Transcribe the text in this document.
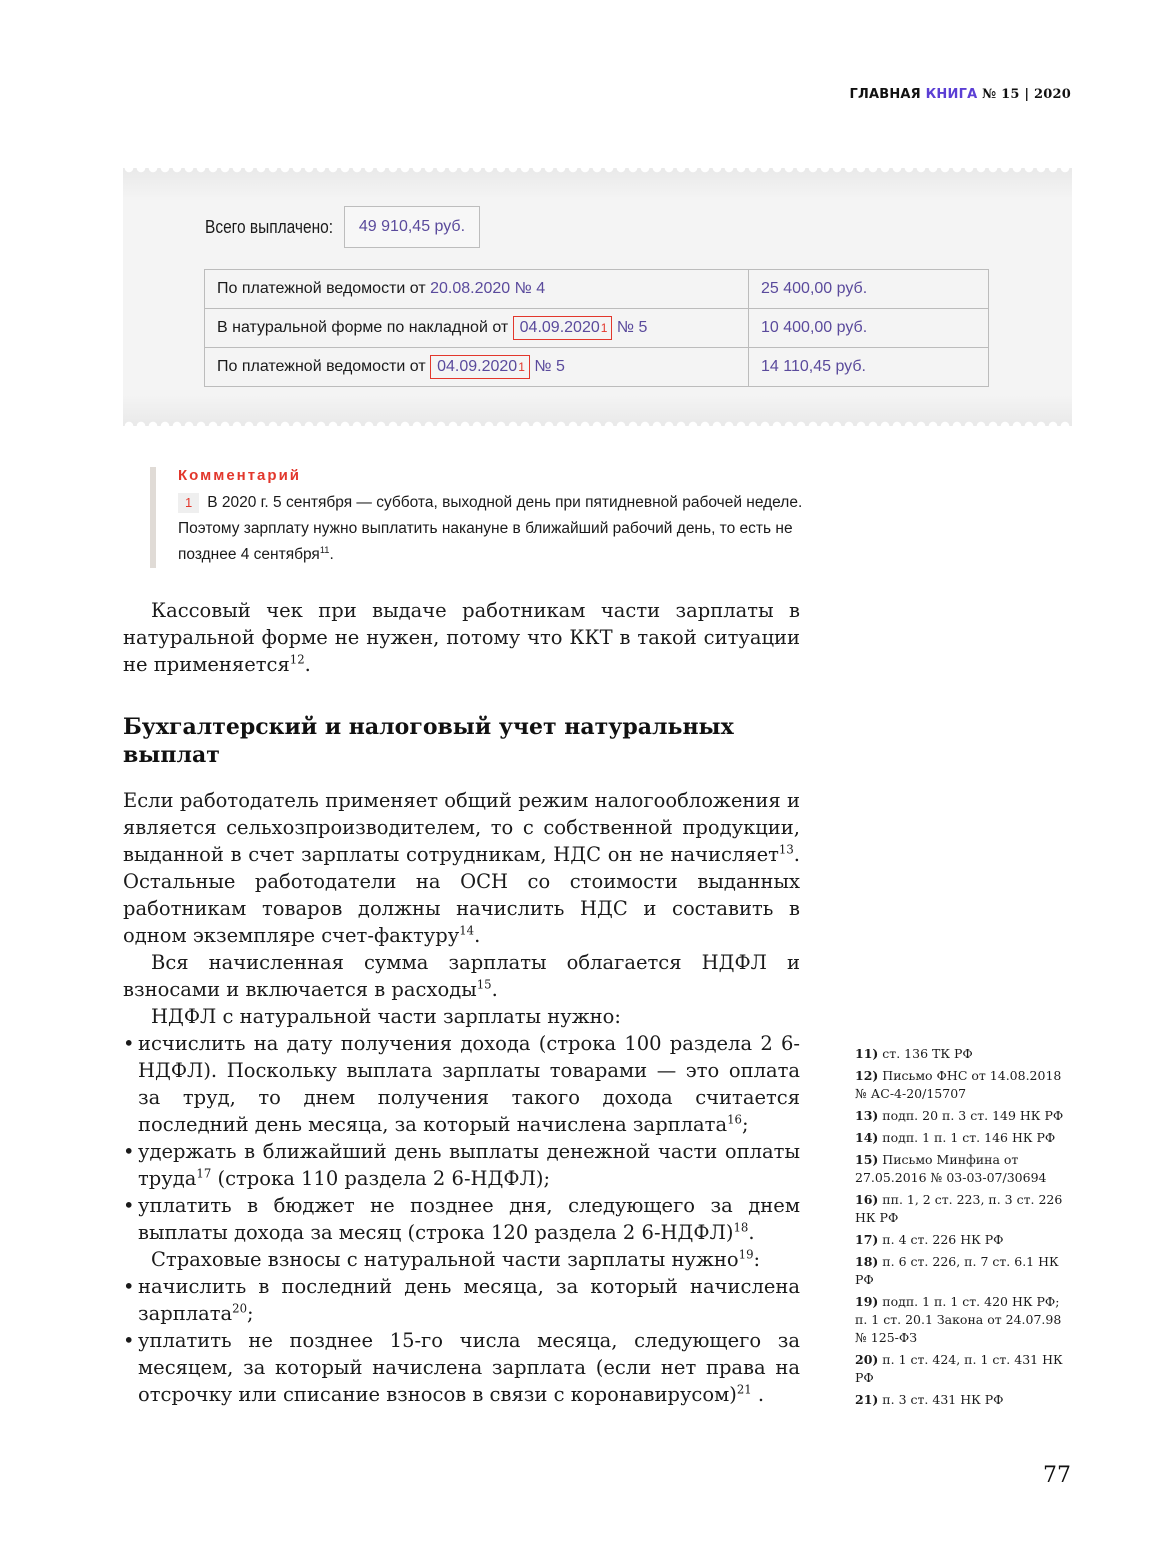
ГЛАВНАЯ КНИГА № 15 | 2020
Всего выплачено:	49 910,45 руб.
По платежной ведомости от 20.08.2020 № 4	25 400,00 руб.
В натуральной форме по накладной от 04.09.20201 № 5	10 400,00 руб.
По платежной ведомости от 04.09.20201 № 5	14 110,45 руб.
Комментарий
1 В 2020 г. 5 сентября — суббота, выходной день при пятидневной рабочей неделе. Поэтому зарплату нужно выплатить накануне в ближайший рабочий день, то есть не позднее 4 сентября$^{11}$.

Кассовый чек при выдаче работникам части зарплаты в натуральной форме не нужен, потому что ККТ в такой ситуации не применяется$^{12}$.

Бухгалтерский и налоговый учет натуральных выплат

Если работодатель применяет общий режим налогообложения и является сельхозпроизводителем, то с собственной продукции, выданной в счет зарплаты сотрудникам, НДС он не начисляет$^{13}$. Остальные работодатели на ОСН со стоимости выданных работникам товаров должны начислить НДС и составить в одном экземпляре счет-фактуру$^{14}$.

Вся начисленная сумма зарплаты облагается НДФЛ и взносами и включается в расходы$^{15}$.

НДФЛ с натуральной части зарплаты нужно:

• исчислить на дату получения дохода (строка 100 раздела 2 6-НДФЛ). Поскольку выплата зарплаты товарами — это оплата за труд, то днем получения такого дохода считается последний день месяца, за который начислена зарплата$^{16}$;
• удержать в ближайший день выплаты денежной части оплаты труда$^{17}$ (строка 110 раздела 2 6-НДФЛ);
• уплатить в бюджет не позднее дня, следующего за днем выплаты дохода за месяц (строка 120 раздела 2 6-НДФЛ)$^{18}$.

Страховые взносы с натуральной части зарплаты нужно$^{19}$:

• начислить в последний день месяца, за который начислена зарплата$^{20}$;
• уплатить не позднее 15-го числа месяца, следующего за месяцем, за который начислена зарплата (если нет права на отсрочку или списание взносов в связи с коронавирусом)$^{21}$ .
11) ст. 136 ТК РФ
12) Письмо ФНС от 14.08.2018 № АС-4-20/15707
13) подп. 20 п. 3 ст. 149 НК РФ
14) подп. 1 п. 1 ст. 146 НК РФ
15) Письмо Минфина от 27.05.2016 № 03-03-07/30694
16) пп. 1, 2 ст. 223, п. 3 ст. 226 НК РФ
17) п. 4 ст. 226 НК РФ
18) п. 6 ст. 226, п. 7 ст. 6.1 НК РФ
19) подп. 1 п. 1 ст. 420 НК РФ; п. 1 ст. 20.1 Закона от 24.07.98 № 125-ФЗ
20) п. 1 ст. 424, п. 1 ст. 431 НК РФ
21) п. 3 ст. 431 НК РФ
77
